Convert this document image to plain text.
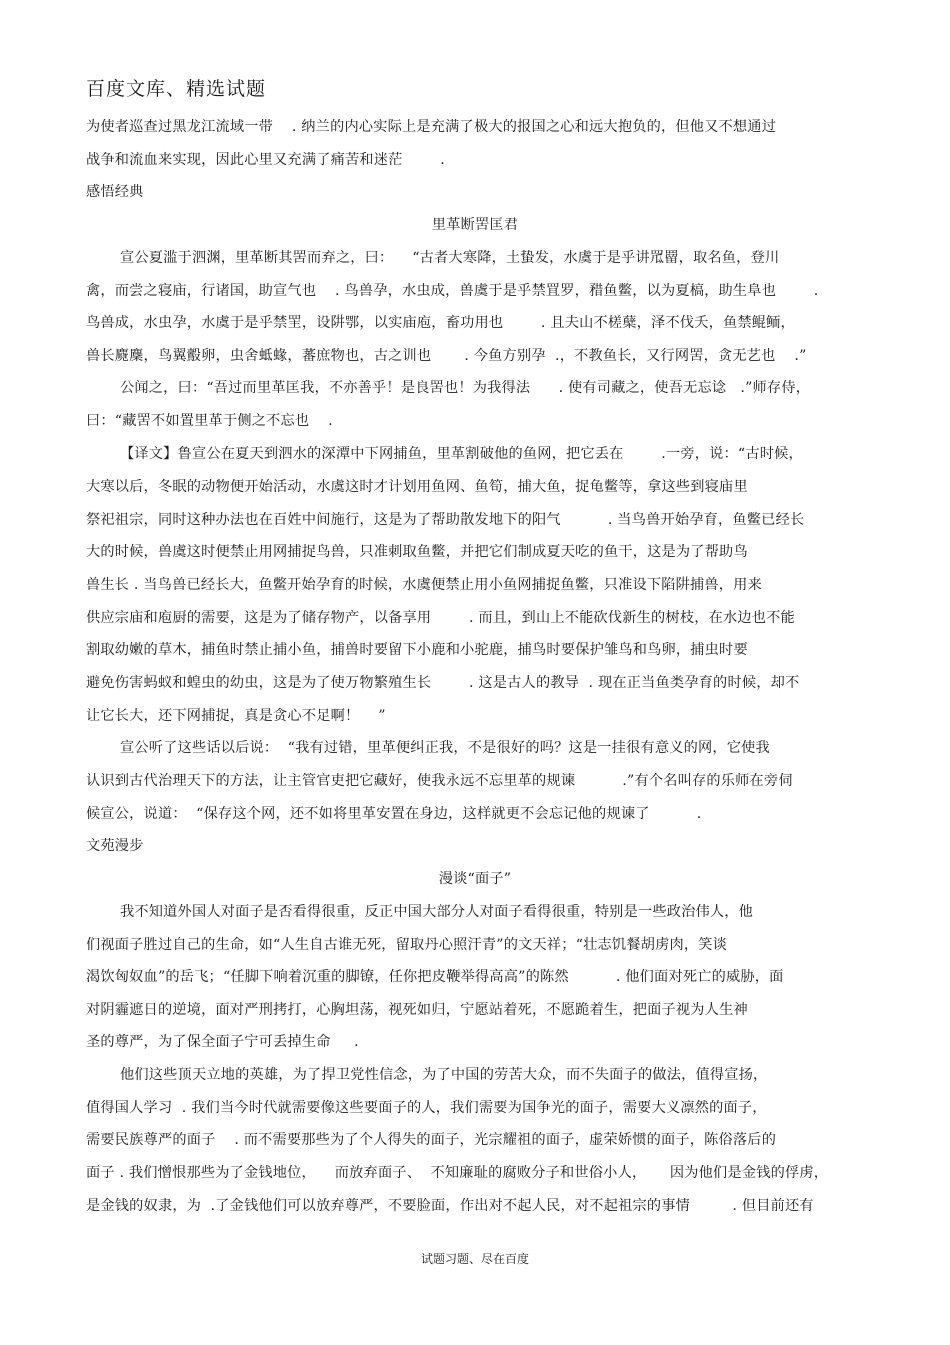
百度文库、精选试题
为使者巡查过黑龙江流域一带    . 纳兰的内心实际上是充满了极大的报国之心和远大抱负的，但他又不想通过
战争和流血来实现，因此心里又充满了痛苦和迷茫        .
感悟经典
里革断罟匡君
宣公夏滥于泗渊，里革断其罟而弃之，曰：    “古者大寒降，土蛰发，水虞于是乎讲罛罶，取名鱼，登川
禽，而尝之寝庙，行诸国，助宣气也    . 鸟兽孕，水虫成，兽虞于是乎禁罝罗，矠鱼鳖，以为夏槁，助生阜也        .
鸟兽成，水虫孕，水虞于是乎禁罜，设阱鄂，以实庙庖，畜功用也        . 且夫山不槎蘖，泽不伐夭，鱼禁鲲鲕，
兽长麑麇，鸟翼鷇卵，虫舍蚳蝝，蕃庶物也，古之训也       . 今鱼方别孕  .，不教鱼长，又行网罟，贪无艺也    .”
公闻之，曰：“吾过而里革匡我，不亦善乎！是良罟也！为我得法      . 使有司藏之，使吾无忘谂   .”师存侍，
曰：“藏罟不如置里革于侧之不忘也    .
【译文】鲁宣公在夏天到泗水的深潭中下网捕鱼，里革割破他的鱼网，把它丢在        .一旁，说：“古时候，
大寒以后，冬眠的动物便开始活动，水虞这时才计划用鱼网、鱼笱，捕大鱼，捉龟鳖等，拿这些到寝庙里
祭祀祖宗，同时这种办法也在百姓中间施行，这是为了帮助散发地下的阳气          . 当鸟兽开始孕育，鱼鳖已经长
大的时候，兽虞这时便禁止用网捕捉鸟兽，只准刺取鱼鳖，并把它们制成夏天吃的鱼干，这是为了帮助鸟
兽生长 . 当鸟兽已经长大，鱼鳖开始孕育的时候，水虞便禁止用小鱼网捕捉鱼鳖，只准设下陷阱捕兽，用来
供应宗庙和庖厨的需要，这是为了储存物产，以备享用        . 而且，到山上不能砍伐新生的树枝，在水边也不能
割取幼嫩的草木，捕鱼时禁止捕小鱼，捕兽时要留下小鹿和小驼鹿，捕鸟时要保护雏鸟和鸟卵，捕虫时要
避免伤害蚂蚁和蝗虫的幼虫，这是为了使万物繁殖生长        . 这是古人的教导  . 现在正当鱼类孕育的时候，却不
让它长大，还下网捕捉，真是贪心不足啊！    ”
宣公听了这些话以后说：  “我有过错，里革便纠正我，不是很好的吗？这是一挂很有意义的网，它使我
认识到古代治理天下的方法，让主管官吏把它藏好，使我永远不忘里革的规谏          .”有个名叫存的乐师在旁伺
候宣公，说道：  “保存这个网，还不如将里革安置在身边，这样就更不会忘记他的规谏了          .
文苑漫步
漫谈“面子”
我不知道外国人对面子是否看得很重，反正中国大部分人对面子看得很重，特别是一些政治伟人，他
们视面子胜过自己的生命，如“人生自古谁无死，留取丹心照汗青”的文天祥；“壮志饥餐胡虏肉，笑谈
渴饮匈奴血”的岳飞；“任脚下响着沉重的脚镣，任你把皮鞭举得高高”的陈然          . 他们面对死亡的威胁，面
对阴霾遮日的逆境，面对严刑拷打，心胸坦荡，视死如归，宁愿站着死，不愿跪着生，把面子视为人生神
圣的尊严，为了保全面子宁可丢掉生命     .
他们这些顶天立地的英雄，为了捍卫党性信念，为了中国的劳苦大众，而不失面子的做法，值得宣扬，
值得国人学习  . 我们当今时代就需要像这些要面子的人，我们需要为国争光的面子，需要大义凛然的面子，
需要民族尊严的面子    . 而不需要那些为了个人得失的面子，光宗耀祖的面子，虚荣娇惯的面子，陈俗落后的
面子 . 我们憎恨那些为了金钱地位，    而放弃面子、  不知廉耻的腐败分子和世俗小人，     因为他们是金钱的俘虏，
是金钱的奴隶，为  .了金钱他们可以放弃尊严，不要脸面，作出对不起人民，对不起祖宗的事情         . 但目前还有
试题习题、尽在百度
